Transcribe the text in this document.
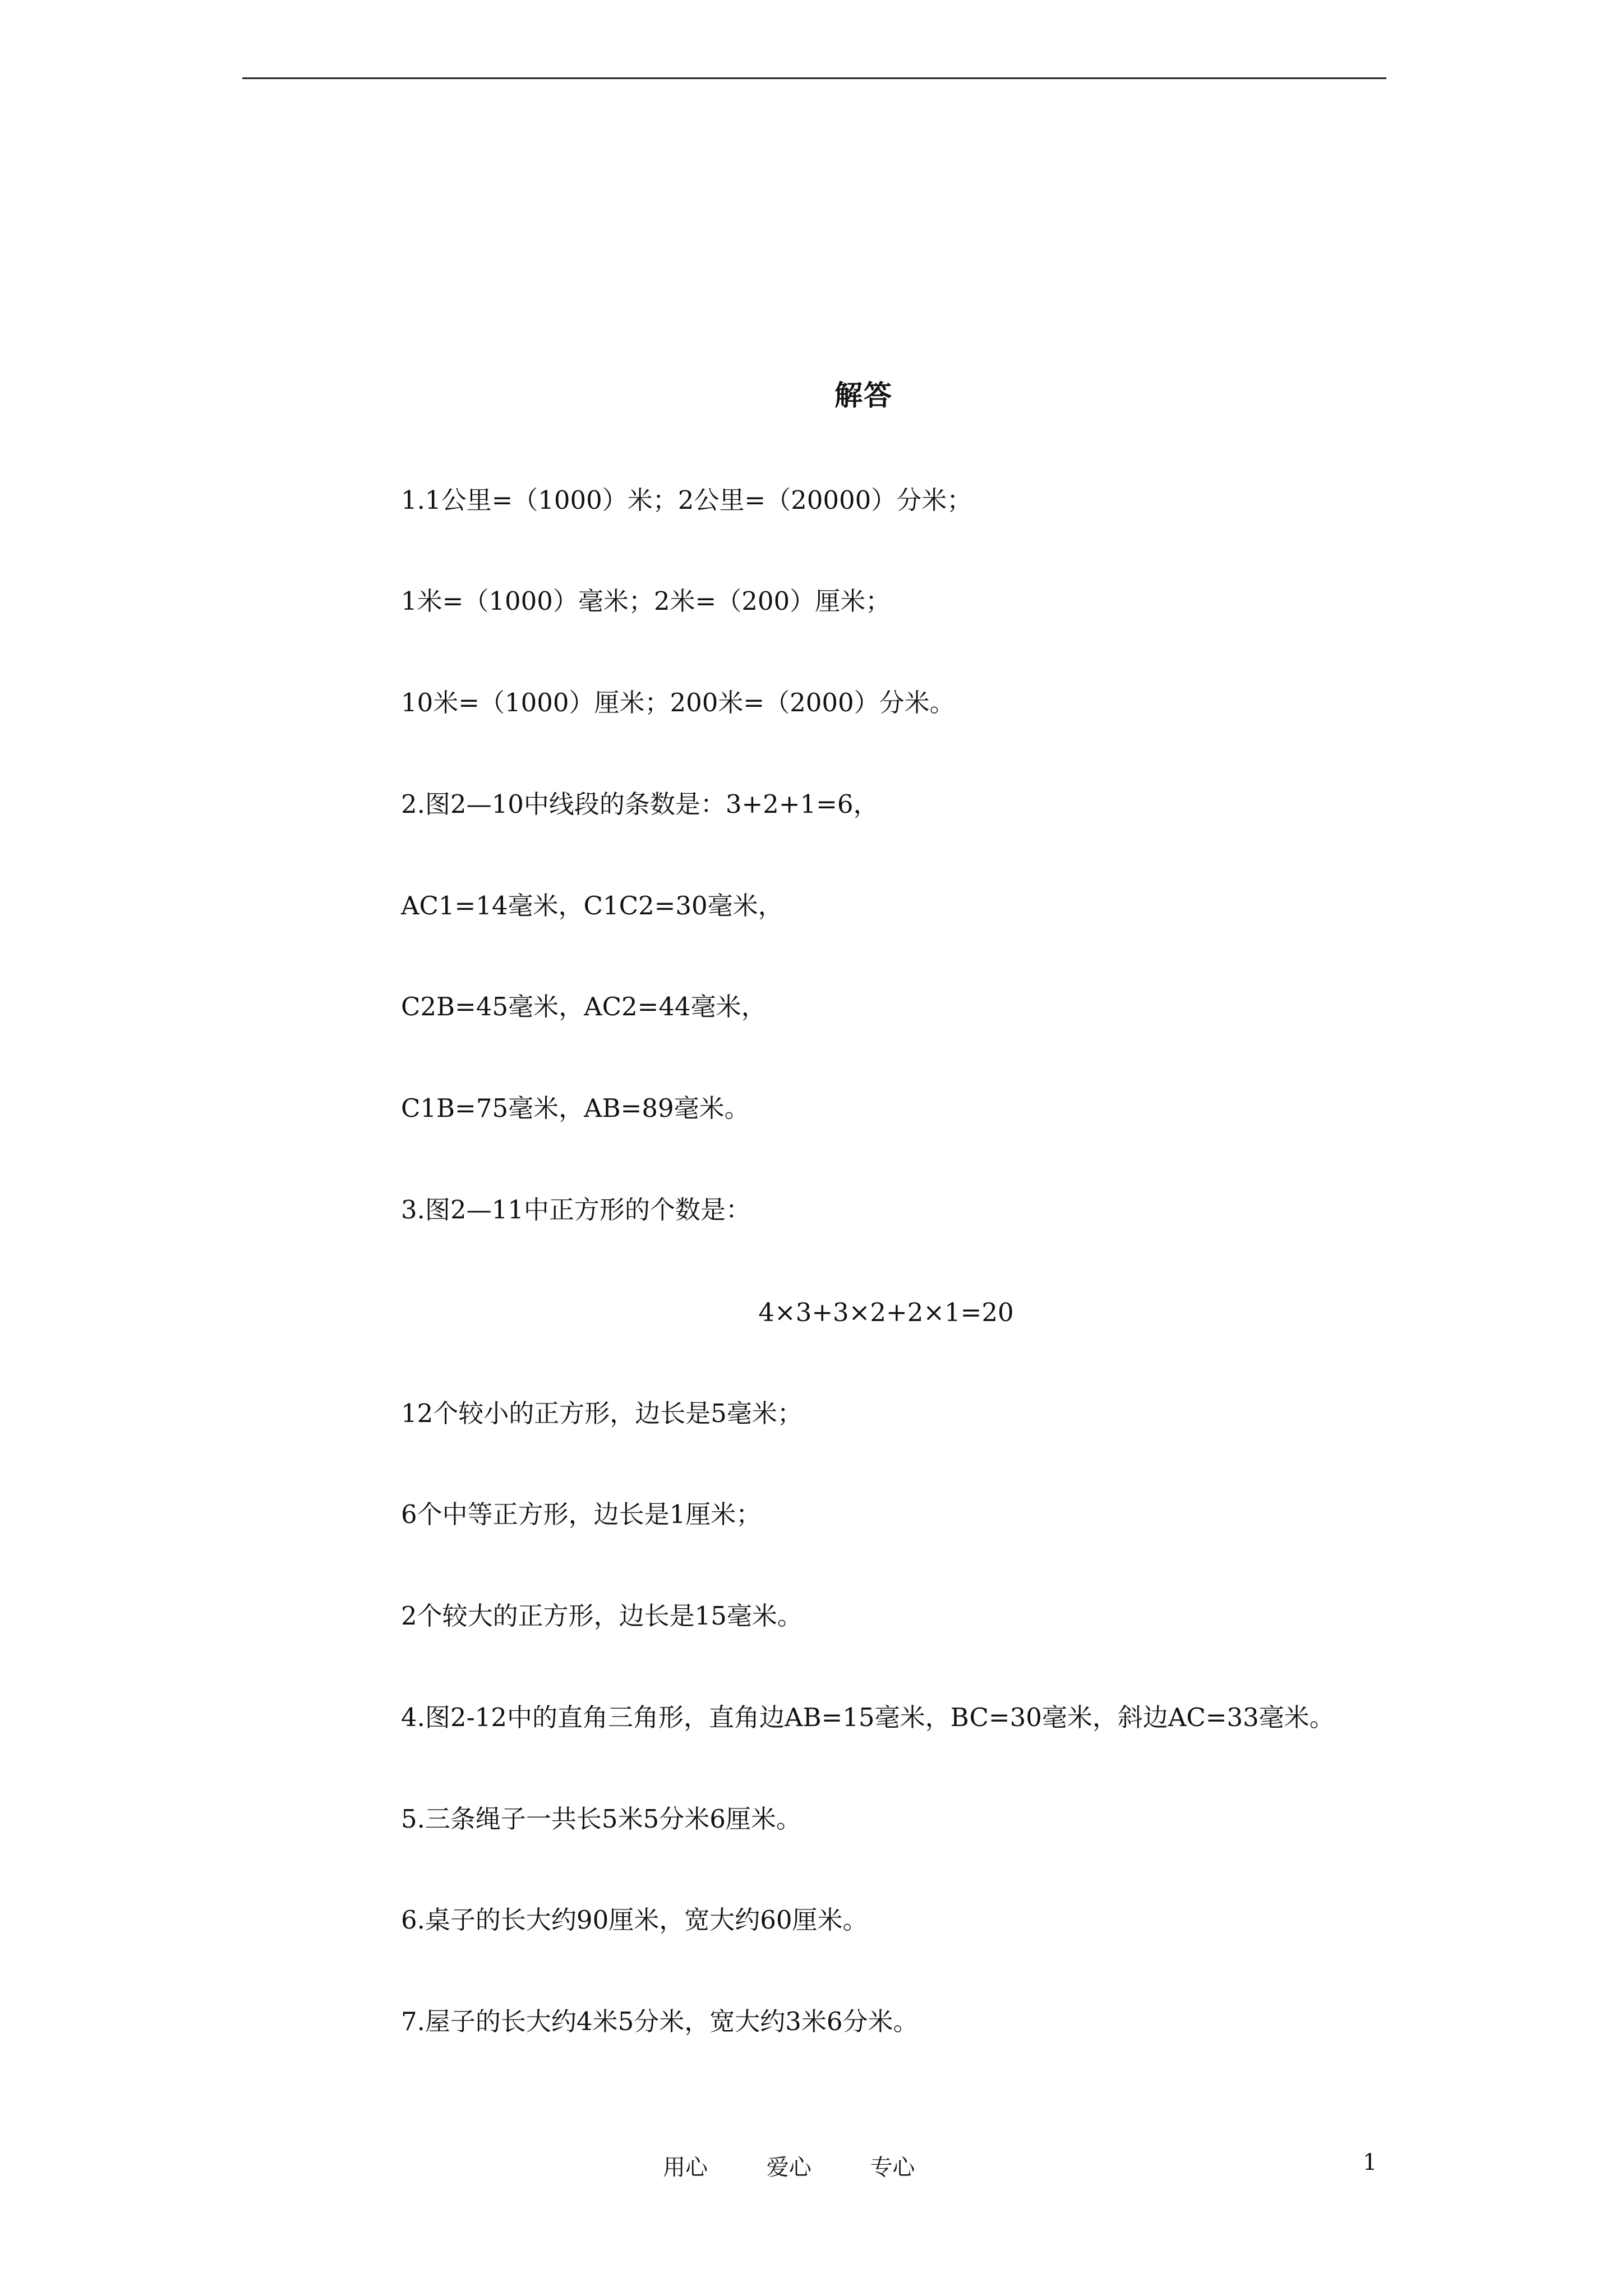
解答
1.1公里=（1000）米；2公里=（20000）分米；
1米=（1000）毫米；2米=（200）厘米；
10米=（1000）厘米；200米=（2000）分米。
2.图2—10中线段的条数是：3+2+1=6，
AC1=14毫米，C1C2=30毫米，
C2B=45毫米，AC2=44毫米，
C1B=75毫米，AB=89毫米。
3.图2—11中正方形的个数是：
4×3+3×2+2×1=20
12个较小的正方形，边长是5毫米；
6个中等正方形，边长是1厘米；
2个较大的正方形，边长是15毫米。
4.图2-12中的直角三角形，直角边AB=15毫米，BC=30毫米，斜边AC=33毫米。
5.三条绳子一共长5米5分米6厘米。
6.桌子的长大约90厘米，宽大约60厘米。
7.屋子的长大约4米5分米，宽大约3米6分米。
用心	爱心	专心	1
